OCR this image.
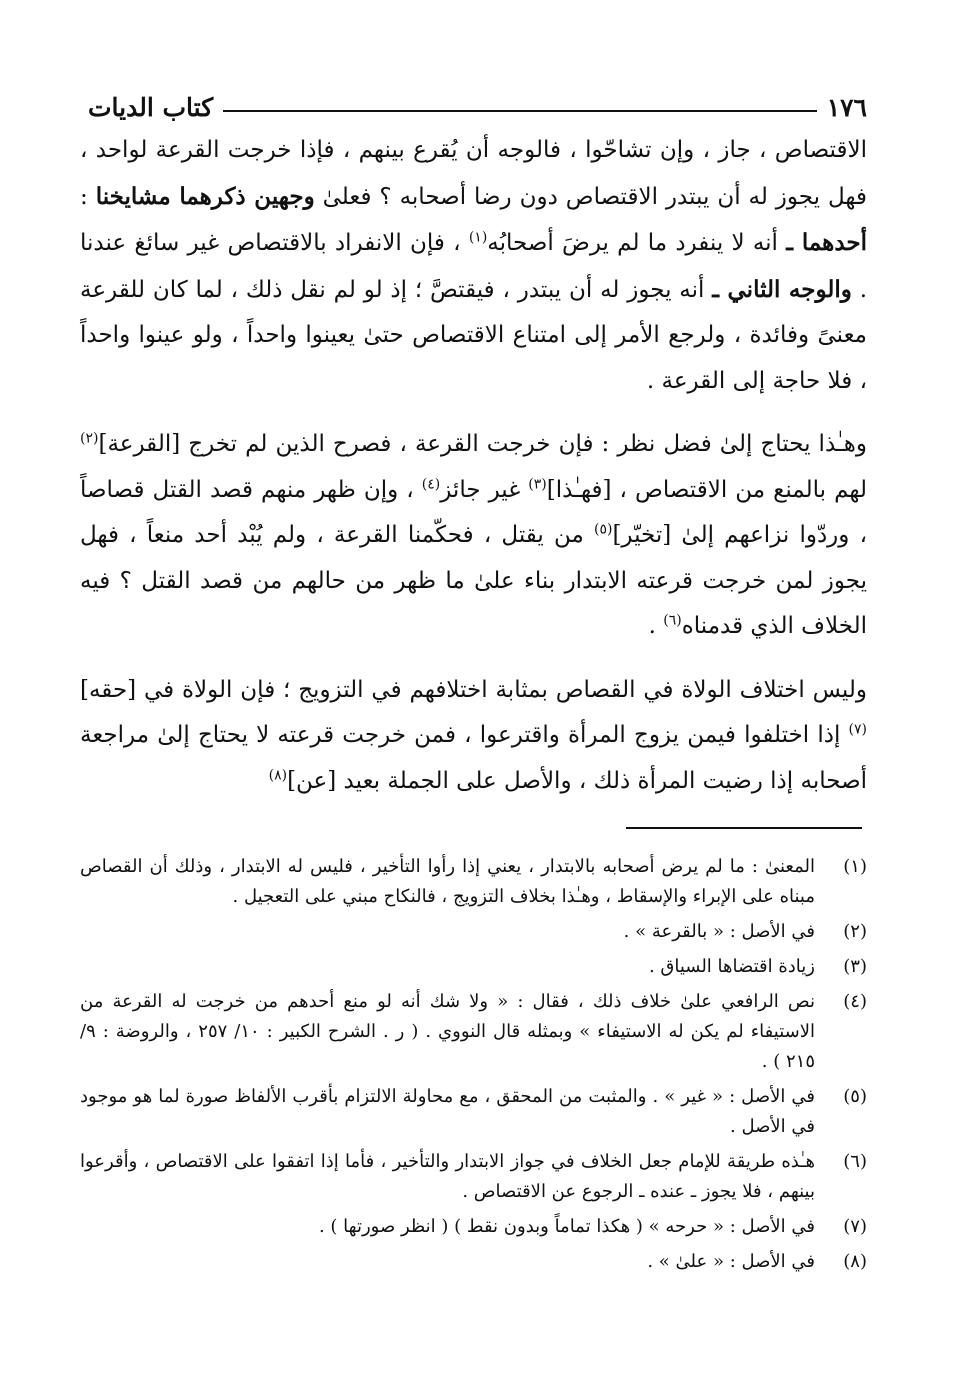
١٧٦
كتاب الديات

الاقتصاص ، جاز ، وإن تشاحّوا ، فالوجه أن يُقرع بينهم ، فإذا خرجت القرعة لواحد ، فهل يجوز له أن يبتدر الاقتصاص دون رضا أصحابه ؟ فعلىٰ وجهين ذكرهما مشايخنا : أحدهما ـ أنه لا ينفرد ما لم يرضَ أصحابُه$^{(١)}$ ، فإن الانفراد بالاقتصاص غير سائغ عندنا . والوجه الثاني ـ أنه يجوز له أن يبتدر ، فيقتصَّ ؛ إذ لو لم نقل ذلك ، لما كان للقرعة معنىً وفائدة ، ولرجع الأمر إلى امتناع الاقتصاص حتىٰ يعينوا واحداً ، ولو عينوا واحداً ، فلا حاجة إلى القرعة .

وهـٰذا يحتاج إلىٰ فضل نظر : فإن خرجت القرعة ، فصرح الذين لم تخرج [القرعة]$^{(٢)}$ لهم بالمنع من الاقتصاص ، [فهـٰذا]$^{(٣)}$ غير جائز$^{(٤)}$ ، وإن ظهر منهم قصد القتل قصاصاً ، وردّوا نزاعهم إلىٰ [تخيّر]$^{(٥)}$ من يقتل ، فحكّمنا القرعة ، ولم يُبْد أحد منعاً ، فهل يجوز لمن خرجت قرعته الابتدار بناء علىٰ ما ظهر من حالهم من قصد القتل ؟ فيه الخلاف الذي قدمناه$^{(٦)}$ .

وليس اختلاف الولاة في القصاص بمثابة اختلافهم في التزويج ؛ فإن الولاة في [حقه]$^{(٧)}$ إذا اختلفوا فيمن يزوج المرأة واقترعوا ، فمن خرجت قرعته لا يحتاج إلىٰ مراجعة أصحابه إذا رضيت المرأة ذلك ، والأصل على الجملة بعيد [عن]$^{(٨)}$

(١)
المعنىٰ : ما لم يرض أصحابه بالابتدار ، يعني إذا رأوا التأخير ، فليس له الابتدار ، وذلك أن القصاص مبناه على الإبراء والإسقاط ، وهـٰذا بخلاف التزويج ، فالنكاح مبني على التعجيل .
(٢)
في الأصل : « بالقرعة » .
(٣)
زيادة اقتضاها السياق .
(٤)
نص الرافعي علىٰ خلاف ذلك ، فقال : « ولا شك أنه لو منع أحدهم من خرجت له القرعة من الاستيفاء لم يكن له الاستيفاء » وبمثله قال النووي . ( ر . الشرح الكبير : ١٠/ ٢٥٧ ، والروضة : ٩/ ٢١٥ ) .
(٥)
في الأصل : « غير » . والمثبت من المحقق ، مع محاولة الالتزام بأقرب الألفاظ صورة لما هو موجود في الأصل .
(٦)
هـٰذه طريقة للإمام جعل الخلاف في جواز الابتدار والتأخير ، فأما إذا اتفقوا على الاقتصاص ، وأقرعوا بينهم ، فلا يجوز ـ عنده ـ الرجوع عن الاقتصاص .
(٧)
في الأصل : « حرحه » ( هكذا تماماً وبدون نقط ) ( انظر صورتها ) .
(٨)
في الأصل : « علىٰ » .
